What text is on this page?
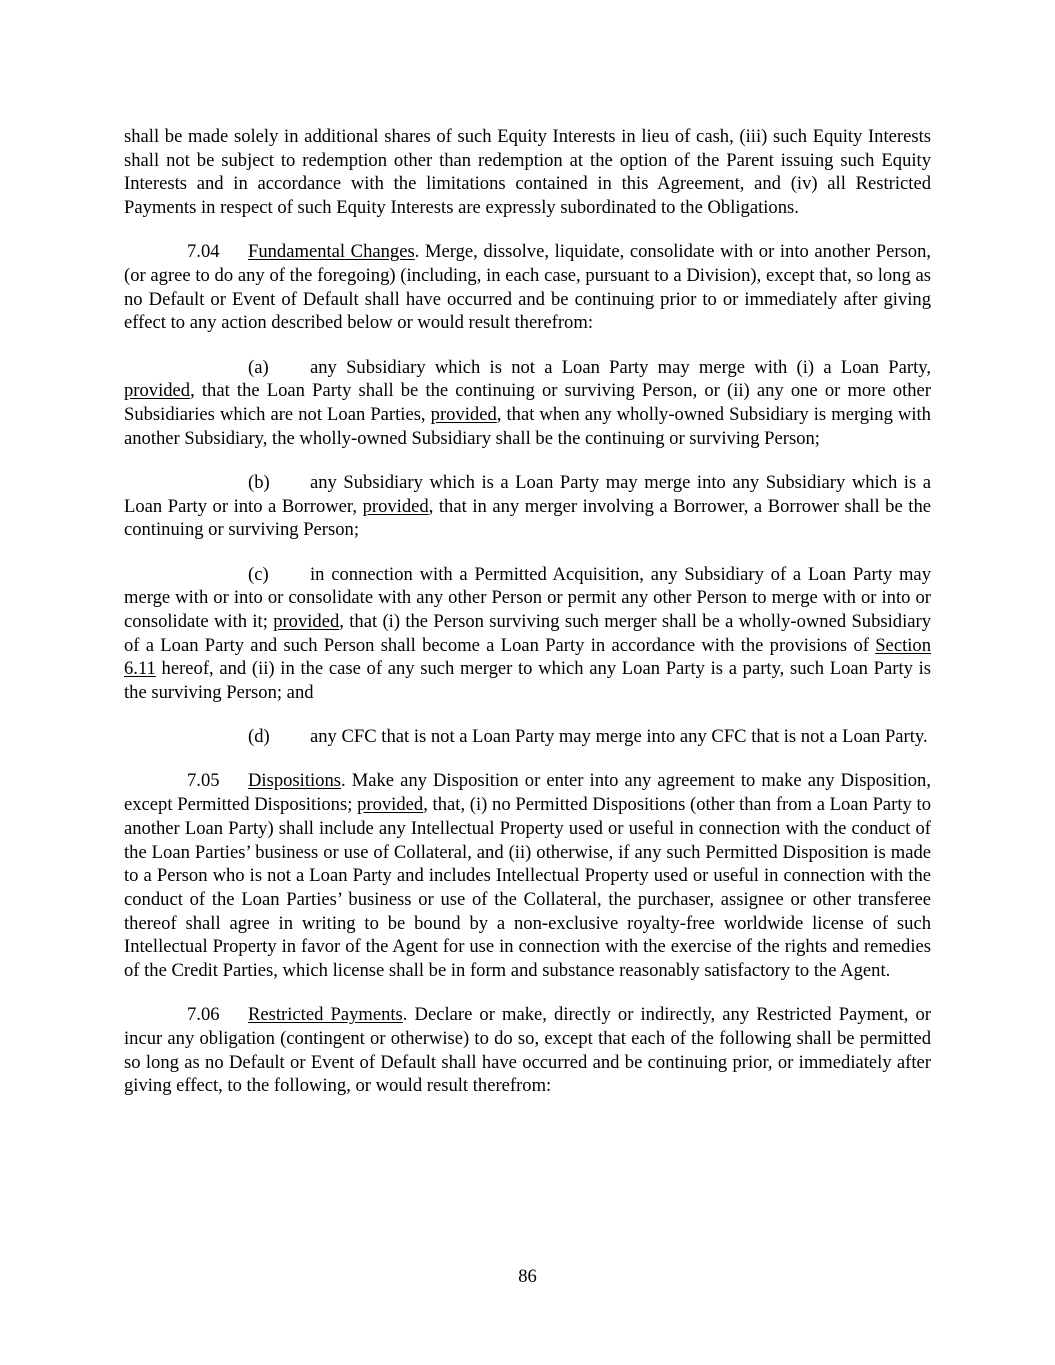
shall be made solely in additional shares of such Equity Interests in lieu of cash, (iii) such Equity Interests shall not be subject to redemption other than redemption at the option of the Parent issuing such Equity Interests and in accordance with the limitations contained in this Agreement, and (iv) all Restricted Payments in respect of such Equity Interests are expressly subordinated to the Obligations.

7.04 Fundamental Changes. Merge, dissolve, liquidate, consolidate with or into another Person, (or agree to do any of the foregoing) (including, in each case, pursuant to a Division), except that, so long as no Default or Event of Default shall have occurred and be continuing prior to or immediately after giving effect to any action described below or would result therefrom:

(a) any Subsidiary which is not a Loan Party may merge with (i) a Loan Party, provided, that the Loan Party shall be the continuing or surviving Person, or (ii) any one or more other Subsidiaries which are not Loan Parties, provided, that when any wholly-owned Subsidiary is merging with another Subsidiary, the wholly-owned Subsidiary shall be the continuing or surviving Person;

(b) any Subsidiary which is a Loan Party may merge into any Subsidiary which is a Loan Party or into a Borrower, provided, that in any merger involving a Borrower, a Borrower shall be the continuing or surviving Person;

(c) in connection with a Permitted Acquisition, any Subsidiary of a Loan Party may merge with or into or consolidate with any other Person or permit any other Person to merge with or into or consolidate with it; provided, that (i) the Person surviving such merger shall be a wholly-owned Subsidiary of a Loan Party and such Person shall become a Loan Party in accordance with the provisions of Section 6.11 hereof, and (ii) in the case of any such merger to which any Loan Party is a party, such Loan Party is the surviving Person; and

(d) any CFC that is not a Loan Party may merge into any CFC that is not a Loan Party.

7.05 Dispositions. Make any Disposition or enter into any agreement to make any Disposition, except Permitted Dispositions; provided, that, (i) no Permitted Dispositions (other than from a Loan Party to another Loan Party) shall include any Intellectual Property used or useful in connection with the conduct of the Loan Parties’ business or use of Collateral, and (ii) otherwise, if any such Permitted Disposition is made to a Person who is not a Loan Party and includes Intellectual Property used or useful in connection with the conduct of the Loan Parties’ business or use of the Collateral, the purchaser, assignee or other transferee thereof shall agree in writing to be bound by a non-exclusive royalty-free worldwide license of such Intellectual Property in favor of the Agent for use in connection with the exercise of the rights and remedies of the Credit Parties, which license shall be in form and substance reasonably satisfactory to the Agent.

7.06 Restricted Payments. Declare or make, directly or indirectly, any Restricted Payment, or incur any obligation (contingent or otherwise) to do so, except that each of the following shall be permitted so long as no Default or Event of Default shall have occurred and be continuing prior, or immediately after giving effect, to the following, or would result therefrom:

86
